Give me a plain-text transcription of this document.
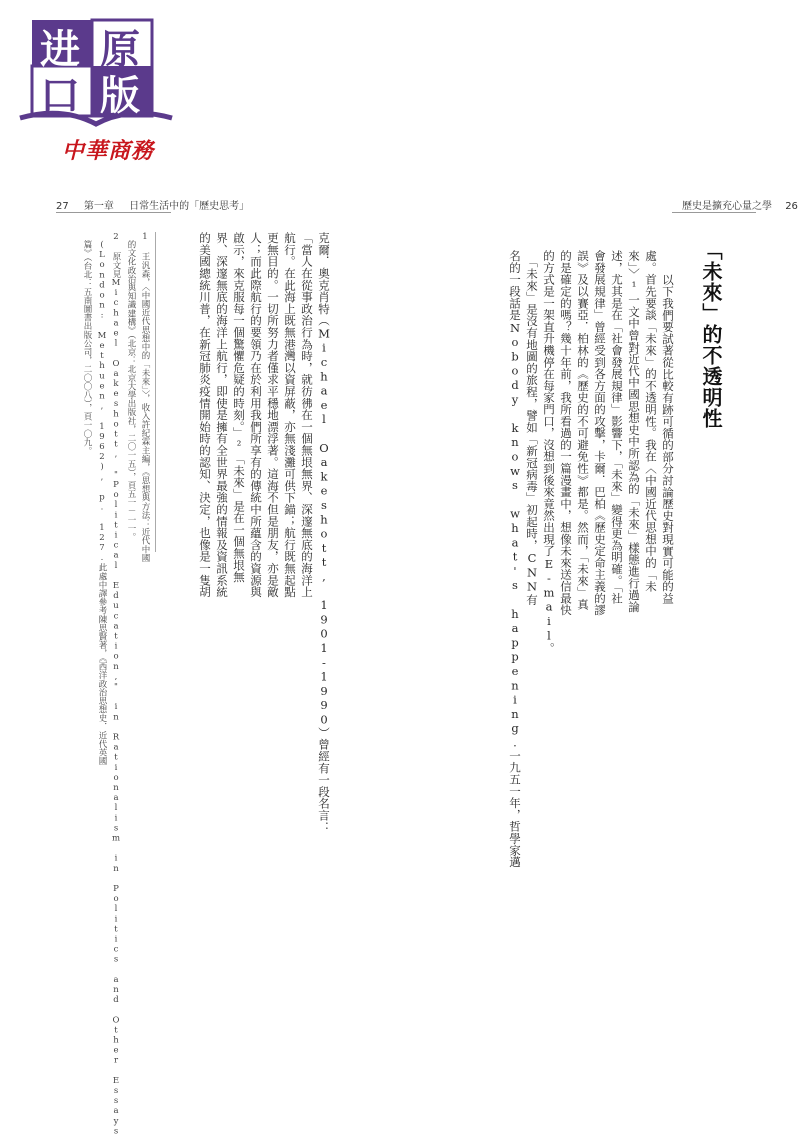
进 原
口 版
中華商務
27 第一章 日常生活中的「歷史思考」	歷史是擴充心量之學 26
「未來」的不透明性
　以下我們要試著從比較有跡可循的部分討論歷史對現實可能的益
處。首先要談「未來」的不透明性。我在〈中國近代思想中的「未
來」〉¹一文中曾對近代中國思想史中所認為的「未來」樣態進行過論
述，尤其是在「社會發展規律」影響下，「未來」變得更為明確。「社
會發展規律」曾經受到各方面的攻擊，卡爾．巴柏《歷史定命主義的謬
誤》及以賽亞．柏林的《歷史的不可避免性》都是。然而，「未來」真
的是確定的嗎？幾十年前，我所看過的一篇漫畫中，想像未來送信最快
的方式是一架直升機停在每家門口，沒想到後來竟然出現了E-mail。
　「未來」是沒有地圖的旅程，譬如「新冠病毒」初起時，CNN有
名的一段話是Nobody knows what's happening.一九五一年，哲學家邁
克爾．奧克肖特（Michael Oakeshott, 1901-1990）曾經有一段名言：
「當人在從事政治行為時，就彷彿在一個無垠無界、深邃無底的海洋上
航行。在此海上既無港灣以資屏蔽，亦無淺灘可供下錨；航行既無起點
更無目的。一切所努力者僅求平穩地漂浮著。這海不但是朋友，亦是敵
人；而此際航行的要領乃在於利用我們所享有的傳統中所蘊含的資源與
啟示，來克服每一個驚懼危疑的時刻。」²「未來」是在一個無垠無
界、深邃無底的海洋上航行，即使是擁有全世界最強的情報及資訊系統
的美國總統川普，在新冠肺炎疫情開始時的認知、決定，也像是一隻胡
1 王汎森，〈中國近代思想中的「未來」〉，收入許紀霖主編，《思想與方法：近代中國
的文化政治與知識建構》（北京：北京大學出版社，二〇一五），頁五一－一一。
2 原文見Michael Oakeshott, "Political Education," in Rationalism in Politics and Other Essays
(London: Methuen, 1962), p. 127.此處中譯參考陳思賢著，《西洋政治思想史．近代英國
篇》（台北：五南圖書出版公司，二〇〇八），頁一〇九。
